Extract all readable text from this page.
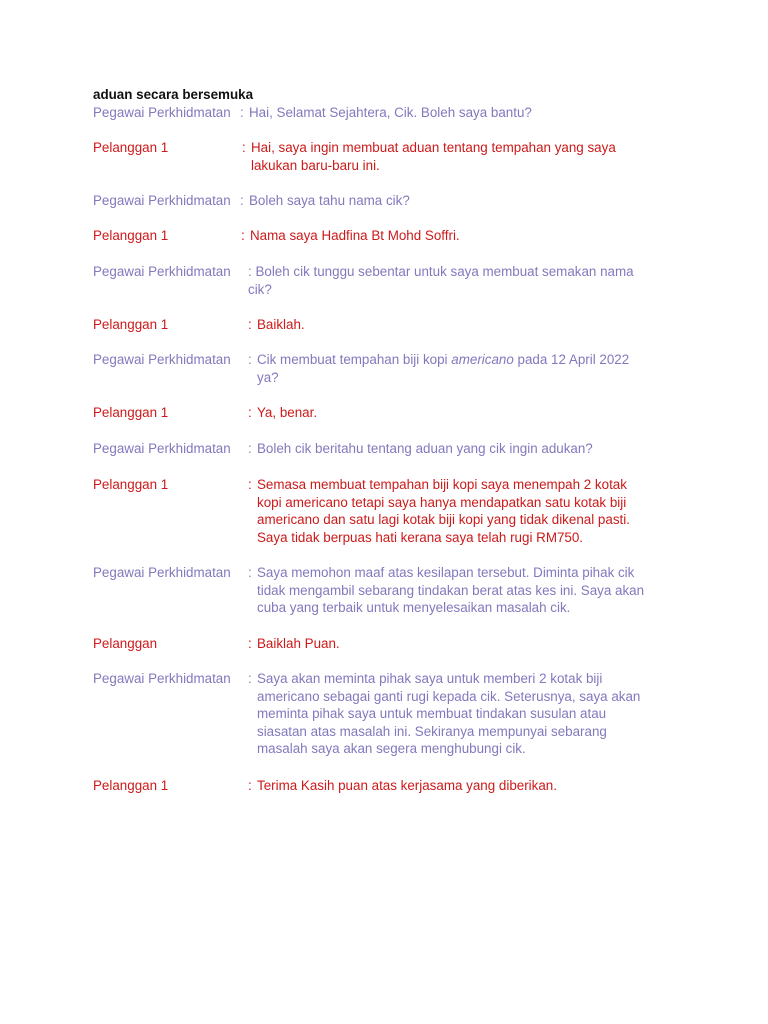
aduan secara bersemuka
Pegawai Perkhidmatan : Hai, Selamat Sejahtera, Cik. Boleh saya bantu?
Pelanggan 1	: Hai, saya ingin membuat aduan tentang tempahan yang saya
lakukan baru-baru ini.
Pegawai Perkhidmatan : Boleh saya tahu nama cik?
Pelanggan 1	: Nama saya Hadfina Bt Mohd Soffri.
Pegawai Perkhidmatan : Boleh cik tunggu sebentar untuk saya membuat semakan nama
cik?
Pelanggan 1	: Baiklah.
Pegawai Perkhidmatan : Cik membuat tempahan biji kopi americano pada 12 April 2022
ya?
Pelanggan 1	: Ya, benar.
Pegawai Perkhidmatan : Boleh cik beritahu tentang aduan yang cik ingin adukan?
Pelanggan 1	: Semasa membuat tempahan biji kopi saya menempah 2 kotak
kopi americano tetapi saya hanya mendapatkan satu kotak biji
americano dan satu lagi kotak biji kopi yang tidak dikenal pasti.
Saya tidak berpuas hati kerana saya telah rugi RM750.
Pegawai Perkhidmatan : Saya memohon maaf atas kesilapan tersebut. Diminta pihak cik
tidak mengambil sebarang tindakan berat atas kes ini. Saya akan
cuba yang terbaik untuk menyelesaikan masalah cik.
Pelanggan	: Baiklah Puan.
Pegawai Perkhidmatan : Saya akan meminta pihak saya untuk memberi 2 kotak biji
americano sebagai ganti rugi kepada cik. Seterusnya, saya akan
meminta pihak saya untuk membuat tindakan susulan atau
siasatan atas masalah ini. Sekiranya mempunyai sebarang
masalah saya akan segera menghubungi cik.
Pelanggan 1	: Terima Kasih puan atas kerjasama yang diberikan.
